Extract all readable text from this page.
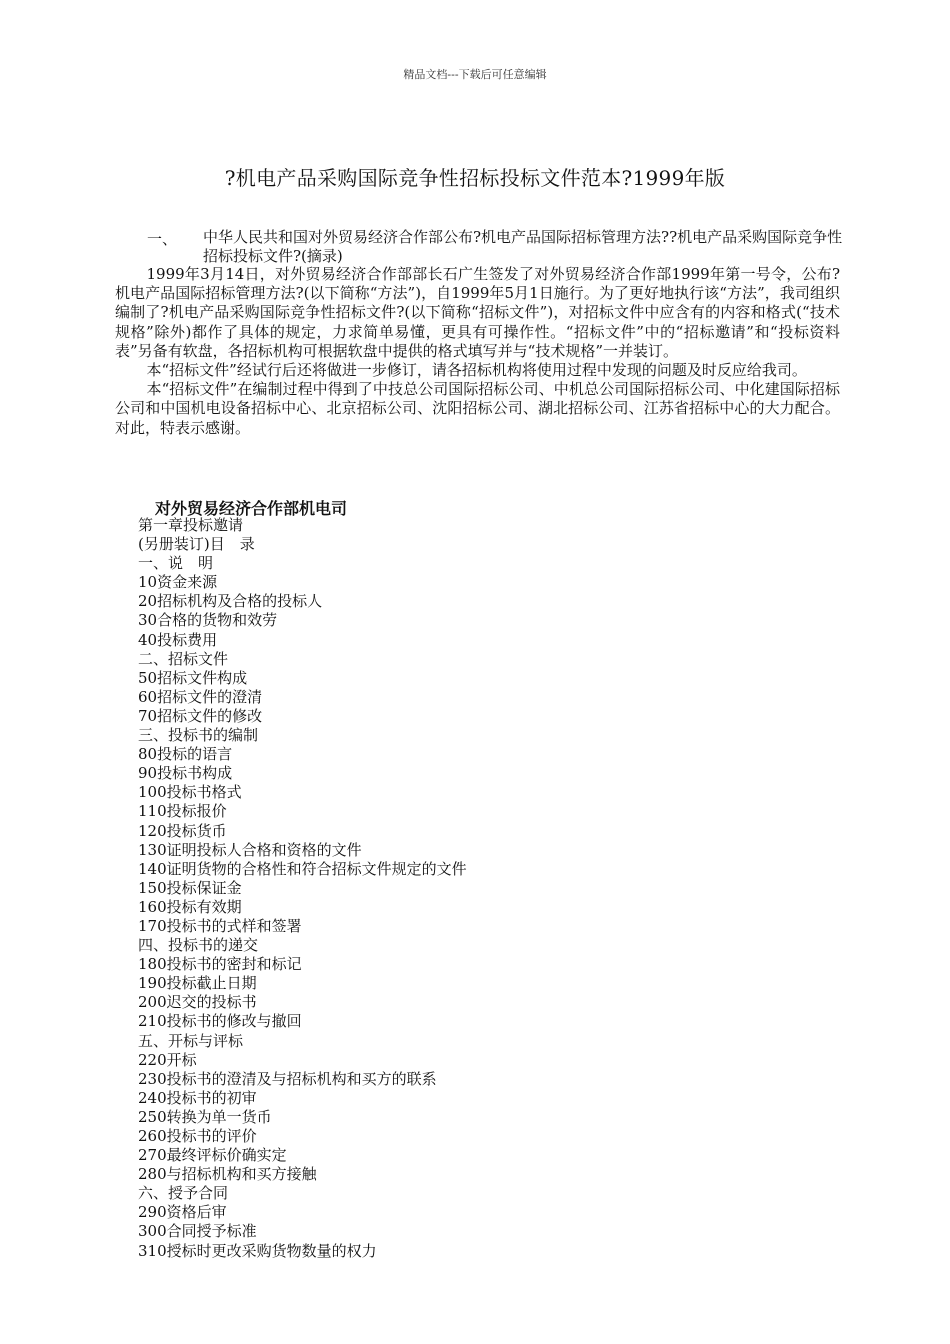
精品文档---下载后可任意编辑
?机电产品采购国际竞争性招标投标文件范本?1999年版
一、 中华人民共和国对外贸易经济合作部公布?机电产品国际招标管理方法??机电产品采购国际竞争性招标投标文件?(摘录)

1999年3月14日，对外贸易经济合作部部长石广生签发了对外贸易经济合作部1999年第一号令，公布?机电产品国际招标管理方法?(以下简称“方法”)，自1999年5月1日施行。为了更好地执行该“方法”，我司组织编制了?机电产品采购国际竞争性招标文件?(以下简称“招标文件”)，对招标文件中应含有的内容和格式(“技术规格”除外)都作了具体的规定，力求简单易懂，更具有可操作性。“招标文件”中的“招标邀请”和“投标资料表”另备有软盘，各招标机构可根据软盘中提供的格式填写并与“技术规格”一并装订。

本“招标文件”经试行后还将做进一步修订，请各招标机构将使用过程中发现的问题及时反应给我司。

本“招标文件”在编制过程中得到了中技总公司国际招标公司、中机总公司国际招标公司、中化建国际招标公司和中国机电设备招标中心、北京招标公司、沈阳招标公司、湖北招标公司、江苏省招标中心的大力配合。对此，特表示感谢。

对外贸易经济合作部机电司
第一章投标邀请
(另册装订)目　录
一、说　明
10资金来源
20招标机构及合格的投标人
30合格的货物和效劳
40投标费用
二、招标文件
50招标文件构成
60招标文件的澄清
70招标文件的修改
三、投标书的编制
80投标的语言
90投标书构成
100投标书格式
110投标报价
120投标货币
130证明投标人合格和资格的文件
140证明货物的合格性和符合招标文件规定的文件
150投标保证金
160投标有效期
170投标书的式样和签署
四、投标书的递交
180投标书的密封和标记
190投标截止日期
200迟交的投标书
210投标书的修改与撤回
五、开标与评标
220开标
230投标书的澄清及与招标机构和买方的联系
240投标书的初审
250转换为单一货币
260投标书的评价
270最终评标价确实定
280与招标机构和买方接触
六、授予合同
290资格后审
300合同授予标准
310授标时更改采购货物数量的权力
